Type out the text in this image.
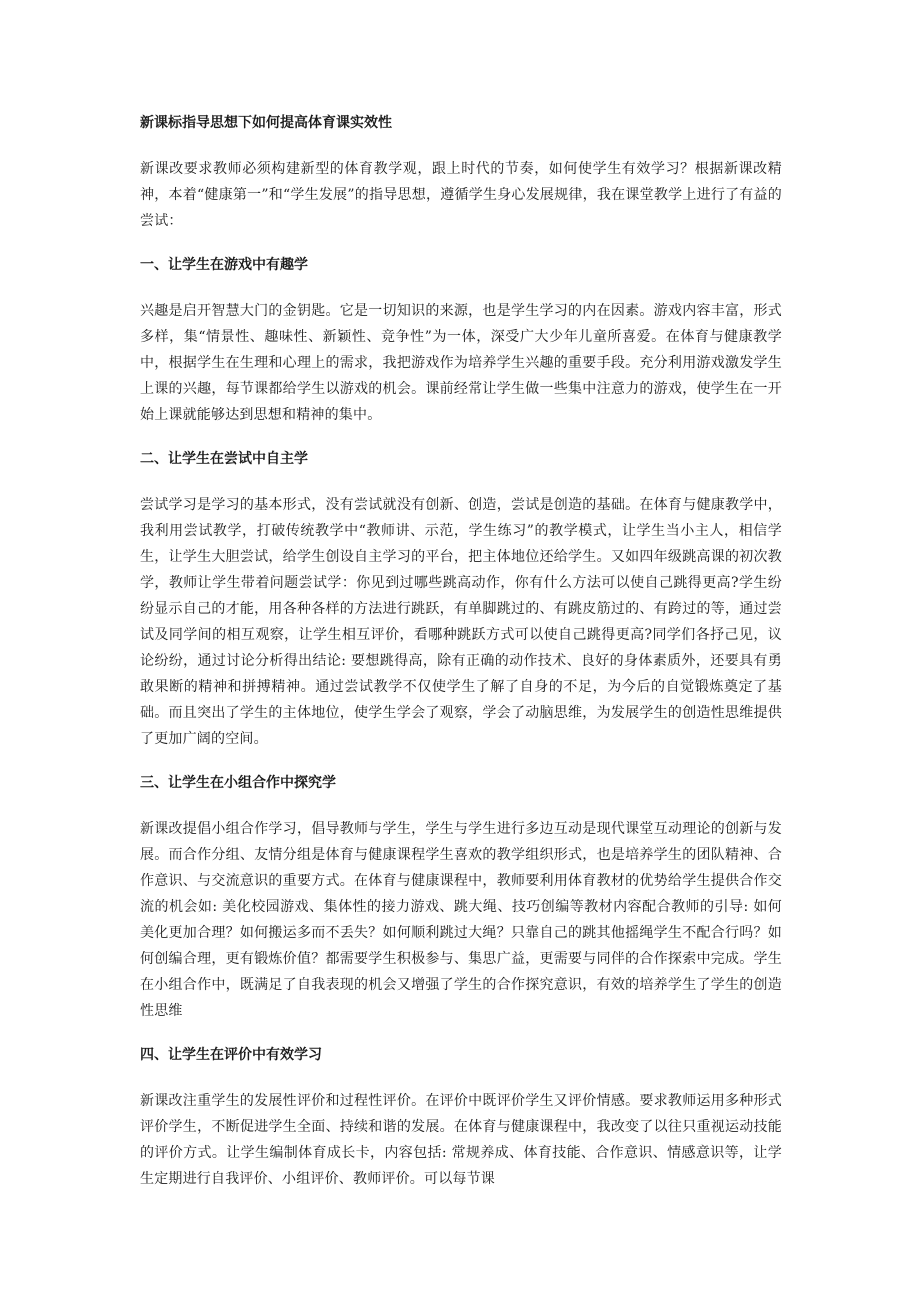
新课标指导思想下如何提高体育课实效性

新课改要求教师必须构建新型的体育教学观，跟上时代的节奏，如何使学生有效学习？根据新课改精神，本着“健康第一”和“学生发展”的指导思想，遵循学生身心发展规律，我在课堂教学上进行了有益的尝试：

一、让学生在游戏中有趣学

兴趣是启开智慧大门的金钥匙。它是一切知识的来源，也是学生学习的内在因素。游戏内容丰富，形式多样，集“情景性、趣味性、新颖性、竞争性”为一体，深受广大少年儿童所喜爱。在体育与健康教学中，根据学生在生理和心理上的需求，我把游戏作为培养学生兴趣的重要手段。充分利用游戏激发学生上课的兴趣，每节课都给学生以游戏的机会。课前经常让学生做一些集中注意力的游戏，使学生在一开始上课就能够达到思想和精神的集中。

二、让学生在尝试中自主学

尝试学习是学习的基本形式，没有尝试就没有创新、创造，尝试是创造的基础。在体育与健康教学中，我利用尝试教学，打破传统教学中“教师讲、示范，学生练习”的教学模式，让学生当小主人，相信学生，让学生大胆尝试，给学生创设自主学习的平台，把主体地位还给学生。又如四年级跳高课的初次教学，教师让学生带着问题尝试学：你见到过哪些跳高动作，你有什么方法可以使自己跳得更高?学生纷纷显示自己的才能，用各种各样的方法进行跳跃，有单脚跳过的、有跳皮筋过的、有跨过的等，通过尝试及同学间的相互观察，让学生相互评价，看哪种跳跃方式可以使自己跳得更高?同学们各抒己见，议论纷纷，通过讨论分析得出结论: 要想跳得高，除有正确的动作技术、良好的身体素质外，还要具有勇敢果断的精神和拼搏精神。通过尝试教学不仅使学生了解了自身的不足，为今后的自觉锻炼奠定了基础。而且突出了学生的主体地位，使学生学会了观察，学会了动脑思维，为发展学生的创造性思维提供了更加广阔的空间。

三、让学生在小组合作中探究学

新课改提倡小组合作学习，倡导教师与学生，学生与学生进行多边互动是现代课堂互动理论的创新与发展。而合作分组、友情分组是体育与健康课程学生喜欢的教学组织形式，也是培养学生的团队精神、合作意识、与交流意识的重要方式。在体育与健康课程中，教师要利用体育教材的优势给学生提供合作交流的机会如: 美化校园游戏、集体性的接力游戏、跳大绳、技巧创编等教材内容配合教师的引导: 如何美化更加合理？如何搬运多而不丢失？如何顺利跳过大绳？只靠自己的跳其他摇绳学生不配合行吗？如何创编合理，更有锻炼价值？都需要学生积极参与、集思广益，更需要与同伴的合作探索中完成。学生在小组合作中，既满足了自我表现的机会又增强了学生的合作探究意识，有效的培养学生了学生的创造性思维

四、让学生在评价中有效学习

新课改注重学生的发展性评价和过程性评价。在评价中既评价学生又评价情感。要求教师运用多种形式评价学生，不断促进学生全面、持续和谐的发展。在体育与健康课程中，我改变了以往只重视运动技能的评价方式。让学生编制体育成长卡，内容包括: 常规养成、体育技能、合作意识、情感意识等，让学生定期进行自我评价、小组评价、教师评价。可以每节课
